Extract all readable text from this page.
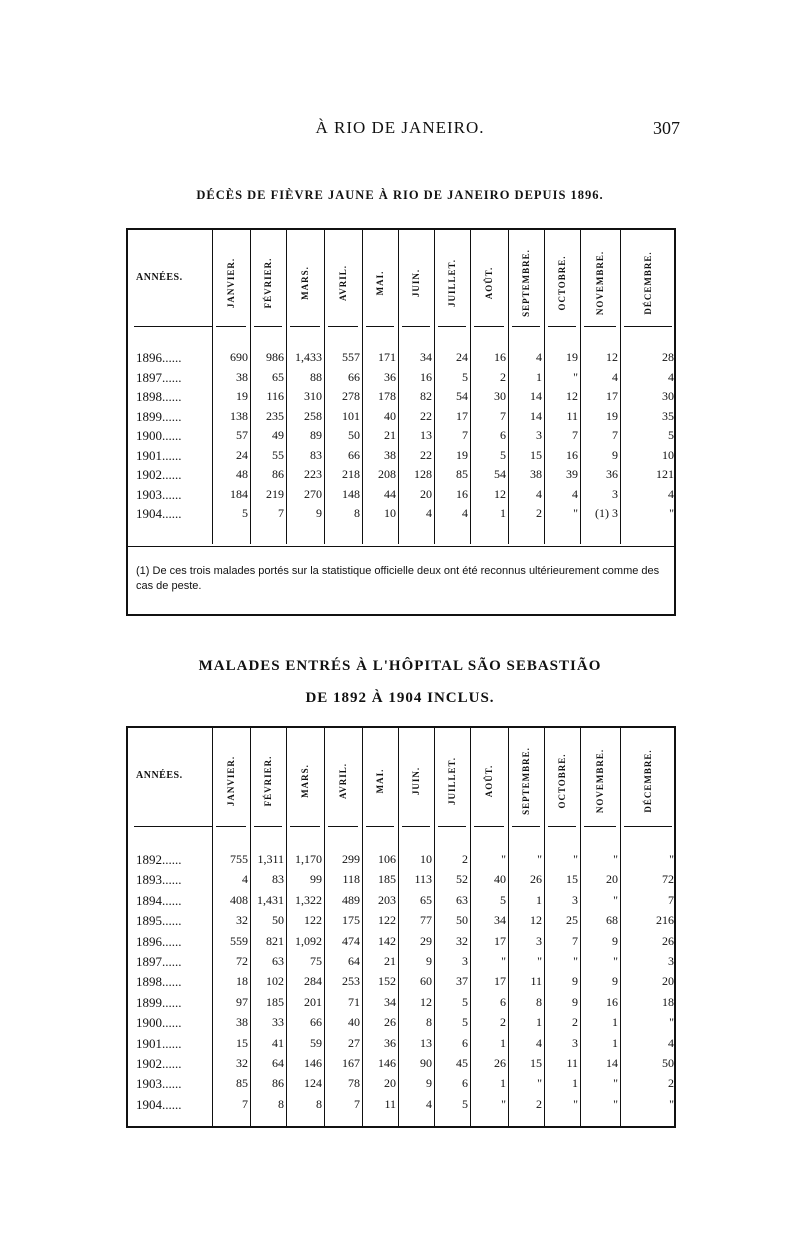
À RIO DE JANEIRO.	307
DÉCÈS DE FIÈVRE JAUNE À RIO DE JANEIRO DEPUIS 1896.
ANNÉES.	JANVIER.	FÉVRIER.	MARS.	AVRIL.	MAI.	JUIN.	JUILLET.	AOÛT.	SEPTEMBRE.	OCTOBRE.	NOVEMBRE.	DÉCEMBRE.
1896......	690	986 1,433	557	171	34	24	16	4	19	12	28
1897......	38	65	88	66	36	16	5	2	1	"	4	4
1898......	19	116	310	278	178	82	54	30	14	12	17	30
1899......	138	235	258	101	40	22	17	7	14	11	19	35
1900......	57	49	89	50	21	13	7	6	3	7	7	5
1901......	24	55	83	66	38	22	19	5	15	16	9	10
1902......	48	86	223	218	208	128	85	54	38	39	36	121
1903......	184	219	270	148	44	20	16	12	4	4	3	4
1904......	5	7	9	8	10	4	4	1	2	"	(1) 3	"
(1) De ces trois malades portés sur la statistique officielle deux ont été reconnus ultérieurement comme des cas de peste.
MALADES ENTRÉS À L'HÔPITAL SÃO SEBASTIÃO
DE 1892 À 1904 INCLUS.
ANNÉES.	JANVIER.	FÉVRIER.	MARS.	AVRIL.	MAI.	JUIN.	JUILLET.	AOÛT.	SEPTEMBRE.	OCTOBRE.	NOVEMBRE.	DÉCEMBRE.
1892......	755 1,311 1,170	299	106	10	2	"	"	"	"	"
1893......	4	83	99	118	185	113	52	40	26	15	20	72
1894......	408 1,431 1,322	489	203	65	63	5	1	3	"	7
1895......	32	50	122	175	122	77	50	34	12	25	68	216
1896......	559	821 1,092	474	142	29	32	17	3	7	9	26
1897......	72	63	75	64	21	9	3	"	"	"	"	3
1898......	18	102	284	253	152	60	37	17	11	9	9	20
1899......	97	185	201	71	34	12	5	6	8	9	16	18
1900......	38	33	66	40	26	8	5	2	1	2	1	"
1901......	15	41	59	27	36	13	6	1	4	3	1	4
1902......	32	64	146	167	146	90	45	26	15	11	14	50
1903......	85	86	124	78	20	9	6	1	"	1	"	2
1904......	7	8	8	7	11	4	5	"	2	"	"	"
